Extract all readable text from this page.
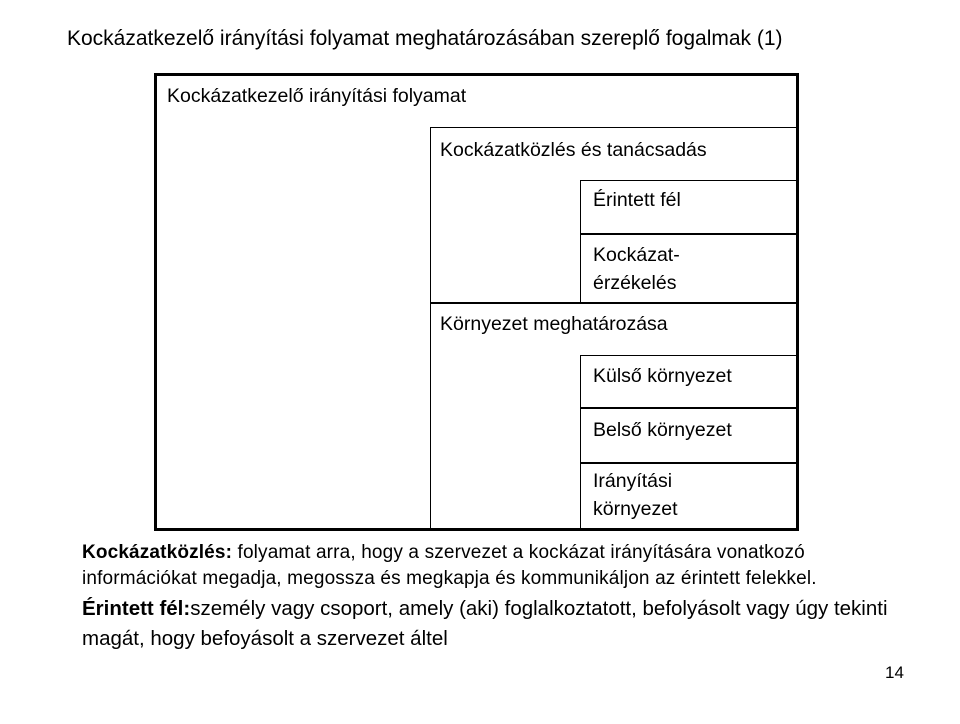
Kockázatkezelő irányítási folyamat meghatározásában szereplő fogalmak (1)
Kockázatkezelő irányítási folyamat
Kockázatközlés és tanácsadás
Érintett fél
Kockázat-
érzékelés
Környezet meghatározása
Külső környezet
Belső környezet
Irányítási
környezet

Kockázatközlés: folyamat arra, hogy a szervezet a kockázat irányítására vonatkozó információkat megadja, megossza és megkapja és kommunikáljon az érintett felekkel.

Érintett fél:személy vagy csoport, amely (aki) foglalkoztatott, befolyásolt vagy úgy tekinti magát, hogy befoyásolt a szervezet áltel

14
